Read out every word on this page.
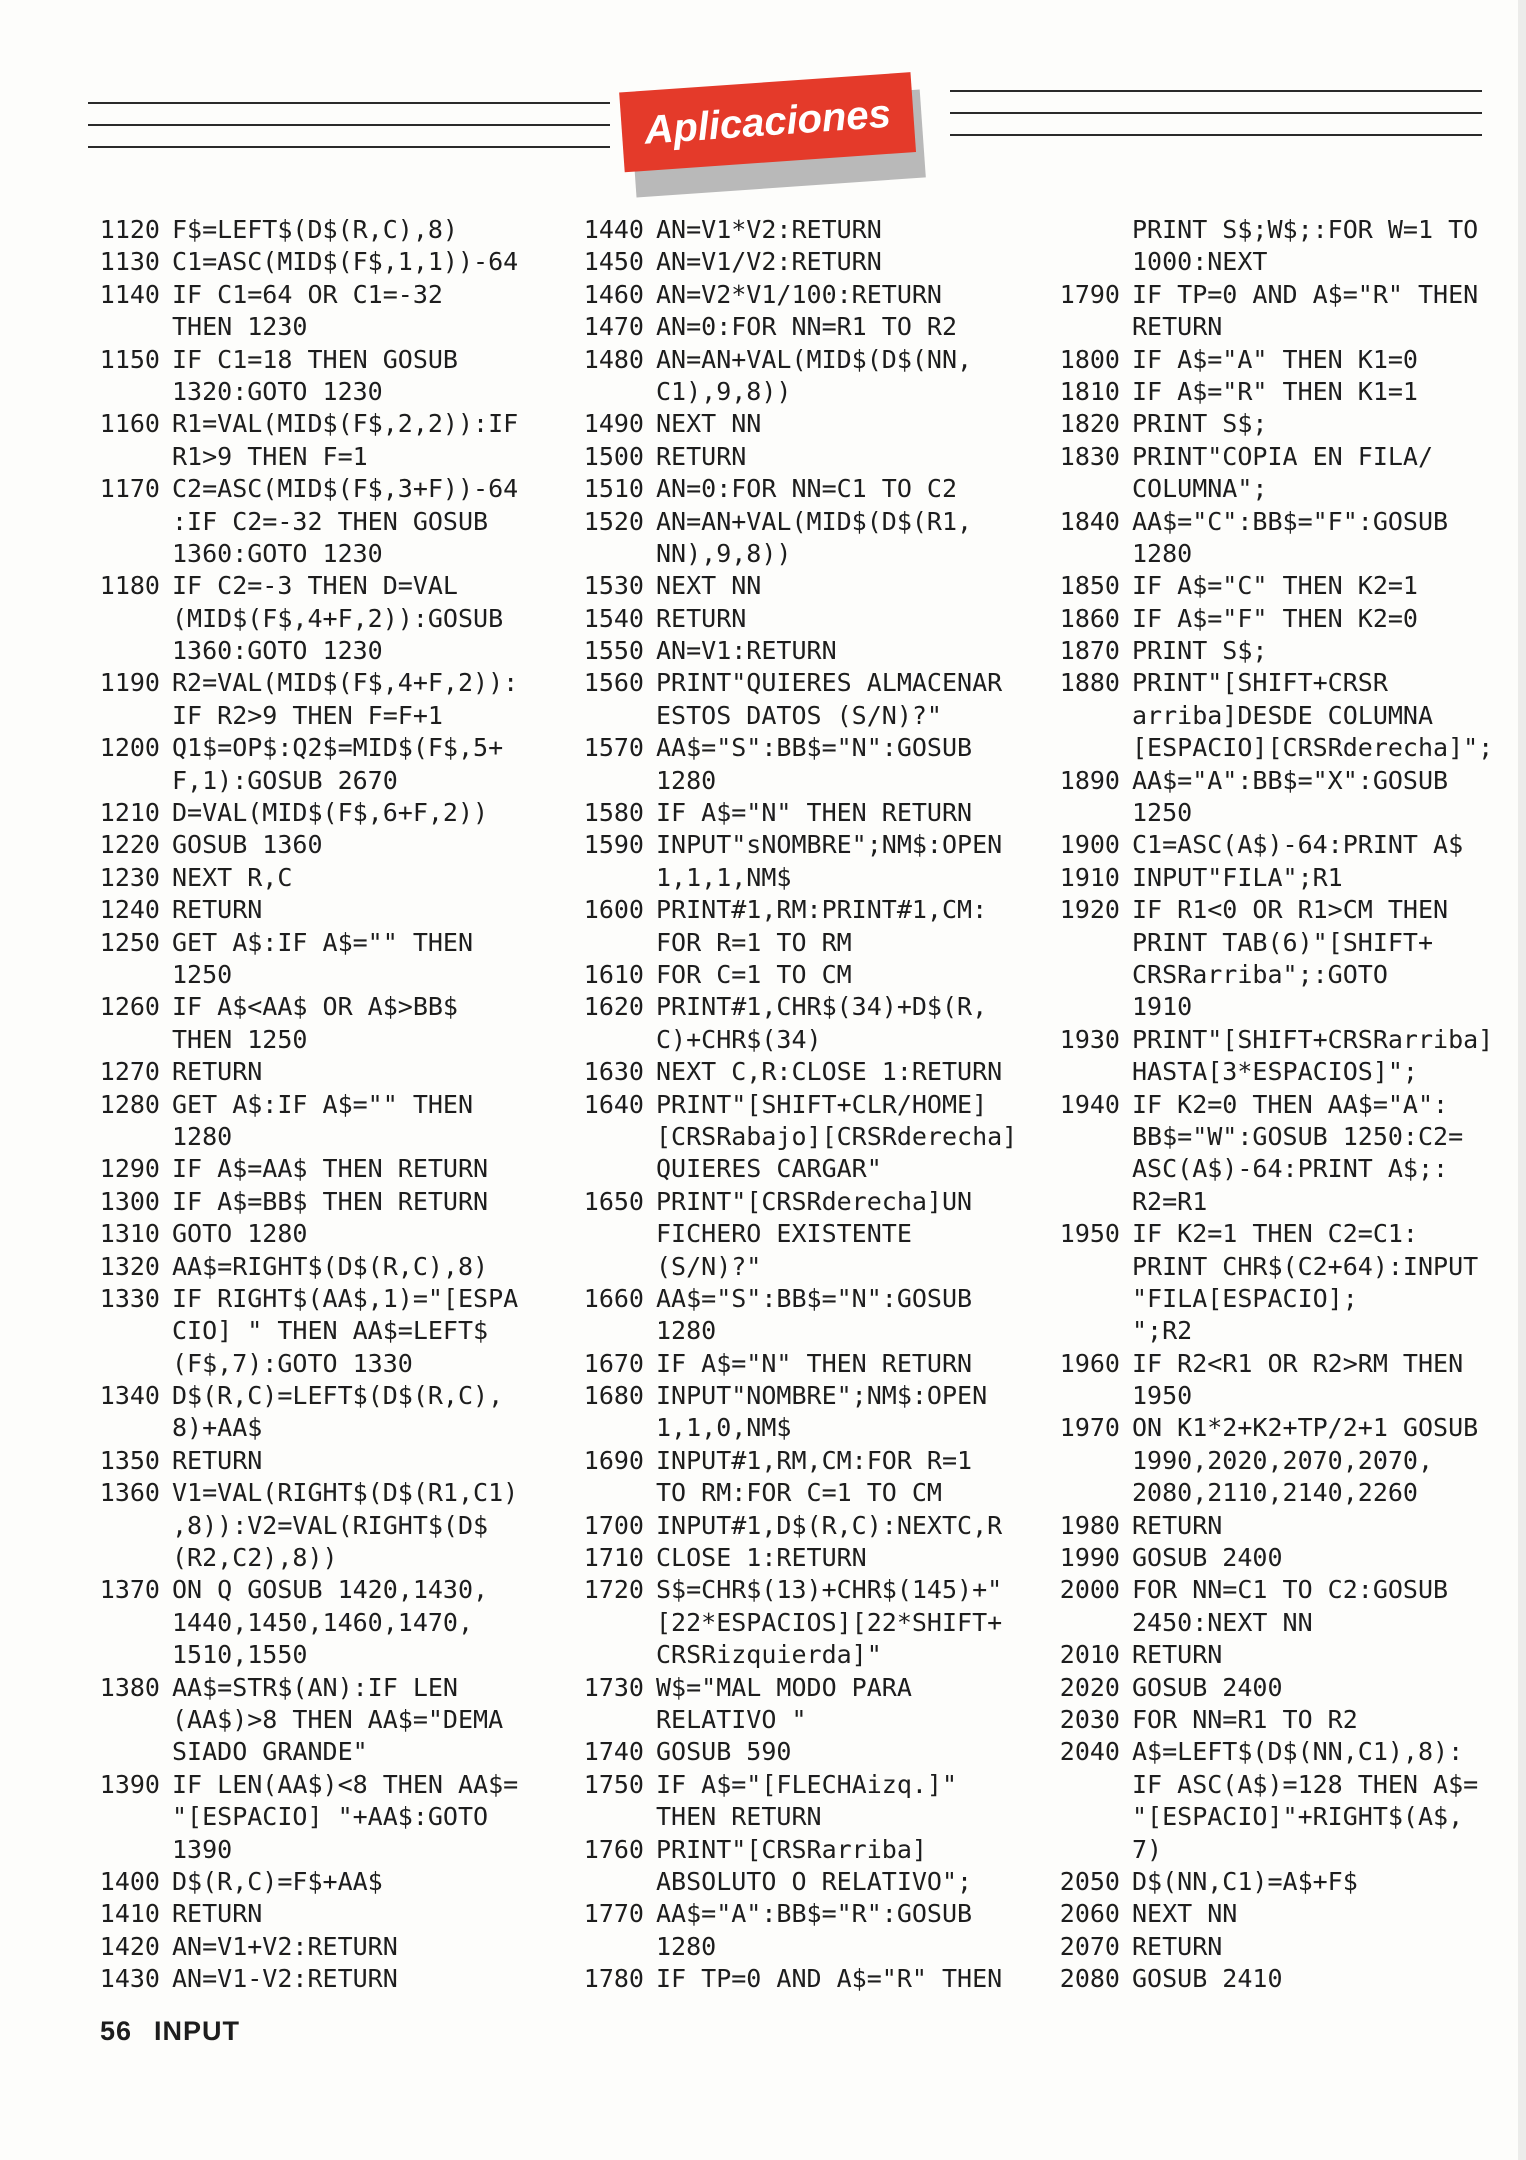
Aplicaciones
1120 F$=LEFT$(D$(R,C),8)
1130 C1=ASC(MID$(F$,1,1))-64
1140 IF C1=64 OR C1=-32
THEN 1230
1150 IF C1=18 THEN GOSUB
1320:GOTO 1230
1160 R1=VAL(MID$(F$,2,2)):IF
R1>9 THEN F=1
1170 C2=ASC(MID$(F$,3+F))-64
:IF C2=-32 THEN GOSUB
1360:GOTO 1230
1180 IF C2=-3 THEN D=VAL
(MID$(F$,4+F,2)):GOSUB
1360:GOTO 1230
1190 R2=VAL(MID$(F$,4+F,2)):
IF R2>9 THEN F=F+1
1200 Q1$=OP$:Q2$=MID$(F$,5+
F,1):GOSUB 2670
1210 D=VAL(MID$(F$,6+F,2))
1220 GOSUB 1360
1230 NEXT R,C
1240 RETURN
1250 GET A$:IF A$="" THEN
1250
1260 IF A$<AA$ OR A$>BB$
THEN 1250
1270 RETURN
1280 GET A$:IF A$="" THEN
1280
1290 IF A$=AA$ THEN RETURN
1300 IF A$=BB$ THEN RETURN
1310 GOTO 1280
1320 AA$=RIGHT$(D$(R,C),8)
1330 IF RIGHT$(AA$,1)="[ESPA
CIO] " THEN AA$=LEFT$
(F$,7):GOTO 1330
1340 D$(R,C)=LEFT$(D$(R,C),
8)+AA$
1350 RETURN
1360 V1=VAL(RIGHT$(D$(R1,C1)
,8)):V2=VAL(RIGHT$(D$
(R2,C2),8))
1370 ON Q GOSUB 1420,1430,
1440,1450,1460,1470,
1510,1550
1380 AA$=STR$(AN):IF LEN
(AA$)>8 THEN AA$="DEMA
SIADO GRANDE"
1390 IF LEN(AA$)<8 THEN AA$=
"[ESPACIO] "+AA$:GOTO
1390
1400 D$(R,C)=F$+AA$
1410 RETURN
1420 AN=V1+V2:RETURN
1430 AN=V1-V2:RETURN
1440 AN=V1*V2:RETURN
1450 AN=V1/V2:RETURN
1460 AN=V2*V1/100:RETURN
1470 AN=0:FOR NN=R1 TO R2
1480 AN=AN+VAL(MID$(D$(NN,
C1),9,8))
1490 NEXT NN
1500 RETURN
1510 AN=0:FOR NN=C1 TO C2
1520 AN=AN+VAL(MID$(D$(R1,
NN),9,8))
1530 NEXT NN
1540 RETURN
1550 AN=V1:RETURN
1560 PRINT"QUIERES ALMACENAR
ESTOS DATOS (S/N)?"
1570 AA$="S":BB$="N":GOSUB
1280
1580 IF A$="N" THEN RETURN
1590 INPUT"sNOMBRE";NM$:OPEN
1,1,1,NM$
1600 PRINT#1,RM:PRINT#1,CM:
FOR R=1 TO RM
1610 FOR C=1 TO CM
1620 PRINT#1,CHR$(34)+D$(R,
C)+CHR$(34)
1630 NEXT C,R:CLOSE 1:RETURN
1640 PRINT"[SHIFT+CLR/HOME]
[CRSRabajo][CRSRderecha]
QUIERES CARGAR"
1650 PRINT"[CRSRderecha]UN
FICHERO EXISTENTE
(S/N)?"
1660 AA$="S":BB$="N":GOSUB
1280
1670 IF A$="N" THEN RETURN
1680 INPUT"NOMBRE";NM$:OPEN
1,1,0,NM$
1690 INPUT#1,RM,CM:FOR R=1
TO RM:FOR C=1 TO CM
1700 INPUT#1,D$(R,C):NEXTC,R
1710 CLOSE 1:RETURN
1720 S$=CHR$(13)+CHR$(145)+"
[22*ESPACIOS][22*SHIFT+
CRSRizquierda]"
1730 W$="MAL MODO PARA
RELATIVO "
1740 GOSUB 590
1750 IF A$="[FLECHAizq.]"
THEN RETURN
1760 PRINT"[CRSRarriba]
ABSOLUTO O RELATIVO";
1770 AA$="A":BB$="R":GOSUB
1280
1780 IF TP=0 AND A$="R" THEN
PRINT S$;W$;:FOR W=1 TO
1000:NEXT
1790 IF TP=0 AND A$="R" THEN
RETURN
1800 IF A$="A" THEN K1=0
1810 IF A$="R" THEN K1=1
1820 PRINT S$;
1830 PRINT"COPIA EN FILA/
COLUMNA";
1840 AA$="C":BB$="F":GOSUB
1280
1850 IF A$="C" THEN K2=1
1860 IF A$="F" THEN K2=0
1870 PRINT S$;
1880 PRINT"[SHIFT+CRSR
arriba]DESDE COLUMNA
[ESPACIO][CRSRderecha]";
1890 AA$="A":BB$="X":GOSUB
1250
1900 C1=ASC(A$)-64:PRINT A$
1910 INPUT"FILA";R1
1920 IF R1<0 OR R1>CM THEN
PRINT TAB(6)"[SHIFT+
CRSRarriba";:GOTO
1910
1930 PRINT"[SHIFT+CRSRarriba]
HASTA[3*ESPACIOS]";
1940 IF K2=0 THEN AA$="A":
BB$="W":GOSUB 1250:C2=
ASC(A$)-64:PRINT A$;:
R2=R1
1950 IF K2=1 THEN C2=C1:
PRINT CHR$(C2+64):INPUT
"FILA[ESPACIO];
";R2
1960 IF R2<R1 OR R2>RM THEN
1950
1970 ON K1*2+K2+TP/2+1 GOSUB
1990,2020,2070,2070,
2080,2110,2140,2260
1980 RETURN
1990 GOSUB 2400
2000 FOR NN=C1 TO C2:GOSUB
2450:NEXT NN
2010 RETURN
2020 GOSUB 2400
2030 FOR NN=R1 TO R2
2040 A$=LEFT$(D$(NN,C1),8):
IF ASC(A$)=128 THEN A$=
"[ESPACIO]"+RIGHT$(A$,
7)
2050 D$(NN,C1)=A$+F$
2060 NEXT NN
2070 RETURN
2080 GOSUB 2410
56 INPUT
